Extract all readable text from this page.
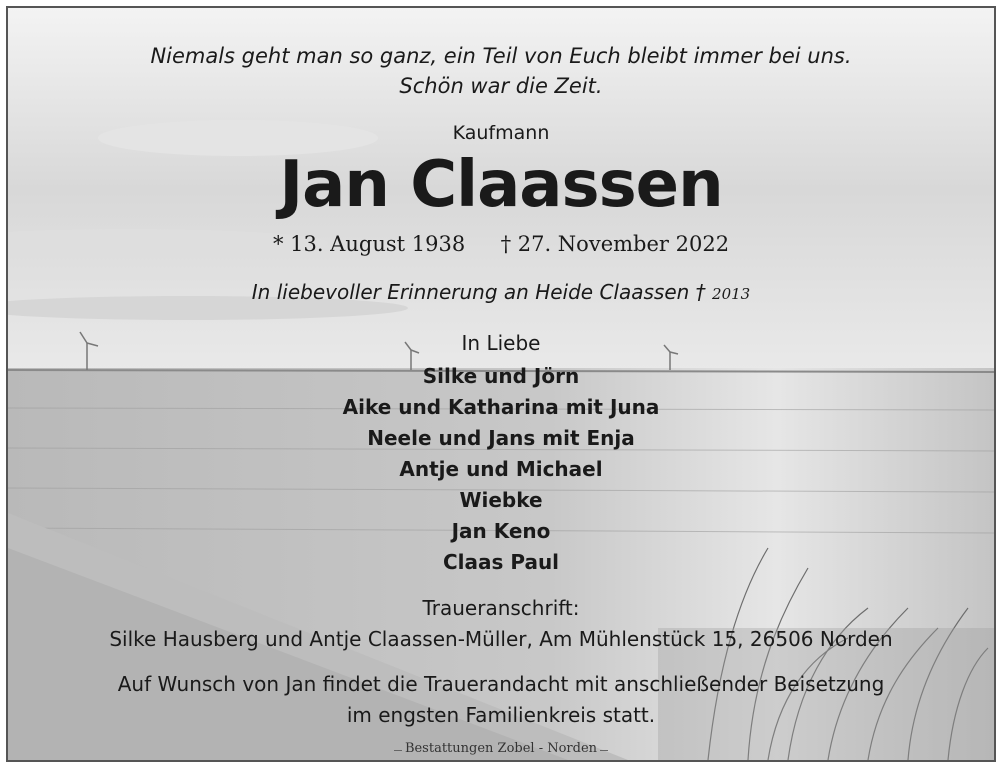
Niemals geht man so ganz, ein Teil von Euch bleibt immer bei uns.
Schön war die Zeit.
Kaufmann
Jan Claassen
* 13. August 1938 † 27. November 2022
In liebevoller Erinnerung an Heide Claassen † 2013
In Liebe
Silke und Jörn
Aike und Katharina mit Juna
Neele und Jans mit Enja
Antje und Michael
Wiebke
Jan Keno
Claas Paul
Traueranschrift:
Silke Hausberg und Antje Claassen-Müller, Am Mühlenstück 15, 26506 Norden
Auf Wunsch von Jan findet die Trauerandacht mit anschließender Beisetzung
im engsten Familienkreis statt.
Bestattungen Zobel - Norden
